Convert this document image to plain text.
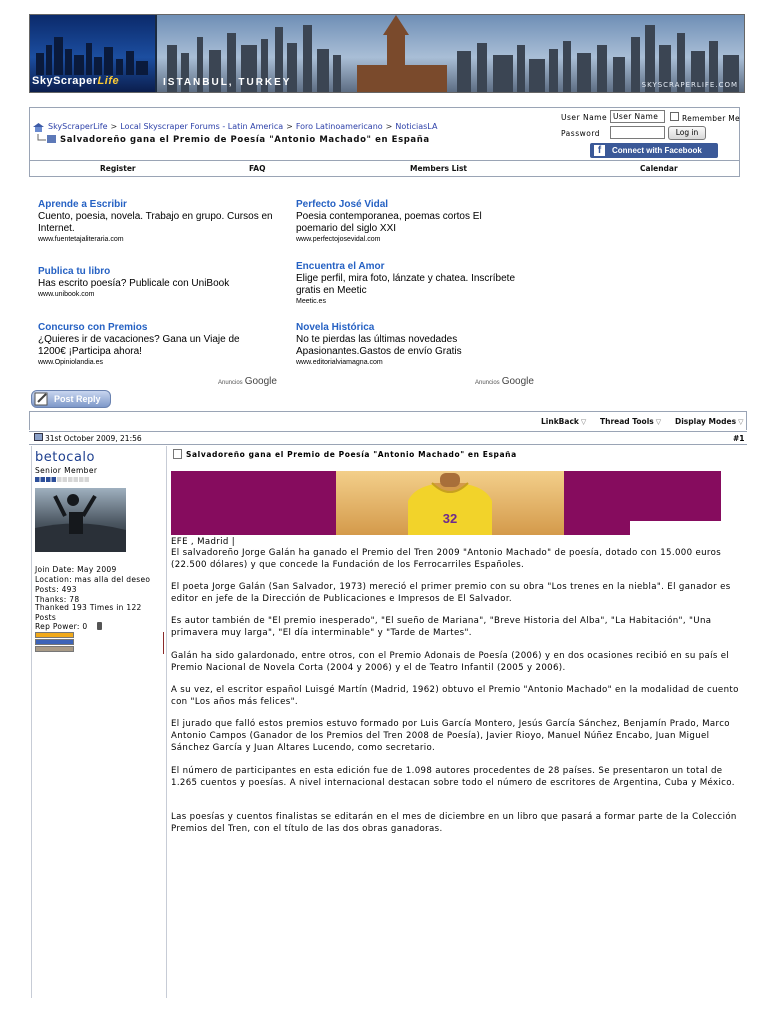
SkyScraperLife	ISTANBUL, TURKEY	SKYSCRAPERLIFE.COM
SkyScraperLife > Local Skyscraper Forums - Latin America > Foro Latinoamericano > NoticiasLA
Salvadoreño gana el Premio de Poesía "Antonio Machado" en España
User Name User Name	Remember Me
Password	Log in
Connect with Facebook
f
Register	FAQ	Members List	Calendar
Aprende a Escribir
Cuento, poesia, novela. Trabajo en grupo. Cursos en Internet.
www.fuentetajaliteraria.com
Perfecto José Vidal
Poesia contemporanea, poemas cortos El poemario del siglo XXI
www.perfectojosevidal.com
Publica tu libro
Has escrito poesía? Publicale con UniBook
www.unibook.com
Encuentra el Amor
Elige perfil, mira foto, lánzate y chatea. Inscríbete gratis en Meetic
Meetic.es
Concurso con Premios
¿Quieres ir de vacaciones? Gana un Viaje de 1200€ ¡Participa ahora!
www.Opiniolandia.es
Novela Histórica
No te pierdas las últimas novedades Apasionantes.Gastos de envío Gratis
www.editorialviamagna.com
Anuncios Google	Anuncios Google
Post Reply
LinkBack ▽ Thread Tools ▽ Display Modes ▽
31st October 2009, 21:56	#1
betocalo
Senior Member
Join Date: May 2009
Location: mas alla del deseo
Posts: 493
Thanks: 78
Thanked 193 Times in 122 Posts
Rep Power: 0
Salvadoreño gana el Premio de Poesía "Antonio Machado" en España
32
EFE , Madrid |
El salvadoreño Jorge Galán ha ganado el Premio del Tren 2009 "Antonio Machado" de poesía, dotado con 15.000 euros (22.500 dólares) y que concede la Fundación de los Ferrocarriles Españoles.
El poeta Jorge Galán (San Salvador, 1973) mereció el primer premio con su obra "Los trenes en la niebla". El ganador es editor en jefe de la Dirección de Publicaciones e Impresos de El Salvador.
Es autor también de "El premio inesperado", "El sueño de Mariana", "Breve Historia del Alba", "La Habitación", "Una primavera muy larga", "El día interminable" y "Tarde de Martes".
Galán ha sido galardonado, entre otros, con el Premio Adonais de Poesía (2006) y en dos ocasiones recibió en su país el Premio Nacional de Novela Corta (2004 y 2006) y el de Teatro Infantil (2005 y 2006).
A su vez, el escritor español Luisgé Martín (Madrid, 1962) obtuvo el Premio "Antonio Machado" en la modalidad de cuento con "Los años más felices".
El jurado que falló estos premios estuvo formado por Luis García Montero, Jesús García Sánchez, Benjamín Prado, Marco Antonio Campos (Ganador de los Premios del Tren 2008 de Poesía), Javier Rioyo, Manuel Núñez Encabo, Juan Miguel Sánchez García y Juan Altares Lucendo, como secretario.
El número de participantes en esta edición fue de 1.098 autores procedentes de 28 países. Se presentaron un total de 1.265 cuentos y poesías. A nivel internacional destacan sobre todo el número de escritores de Argentina, Cuba y México.
Las poesías y cuentos finalistas se editarán en el mes de diciembre en un libro que pasará a formar parte de la Colección Premios del Tren, con el título de las dos obras ganadoras.
